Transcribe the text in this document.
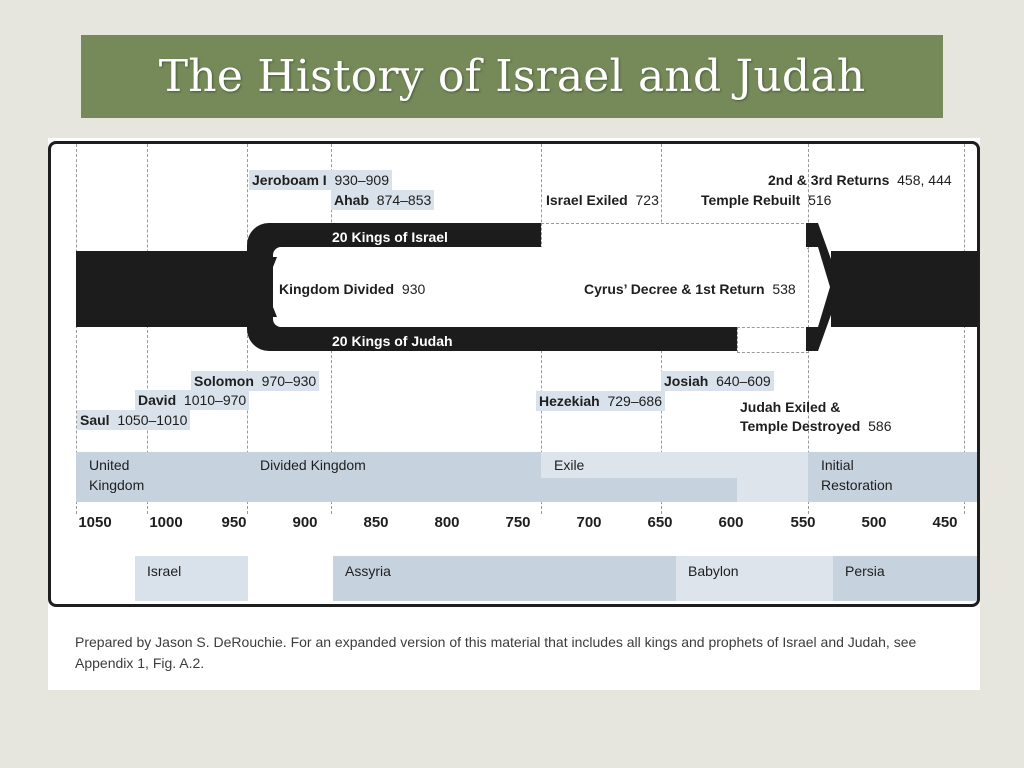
The History of Israel and Judah
20 Kings of Israel
20 Kings of Judah
Jeroboam I 930–909
Ahab 874–853	Israel Exiled 723
2nd & 3rd Returns 458, 444
Temple Rebuilt 516
Kingdom Divided 930	Cyrus’ Decree & 1st Return 538
Solomon 970–930
David 1010–970
Saul 1050–1010
Hezekiah 729–686
Josiah 640–609
Judah Exiled &
Temple Destroyed 586
United
Kingdom
Divided Kingdom	Exile	Initial
Restoration
1050	1000	950	900	850	800	750	700	650	600	550	500	450
Israel	Assyria	Babylon	Persia
Prepared by Jason S. DeRouchie. For an expanded version of this material that includes all kings and prophets of Israel and Judah, see Appendix 1, Fig. A.2.
